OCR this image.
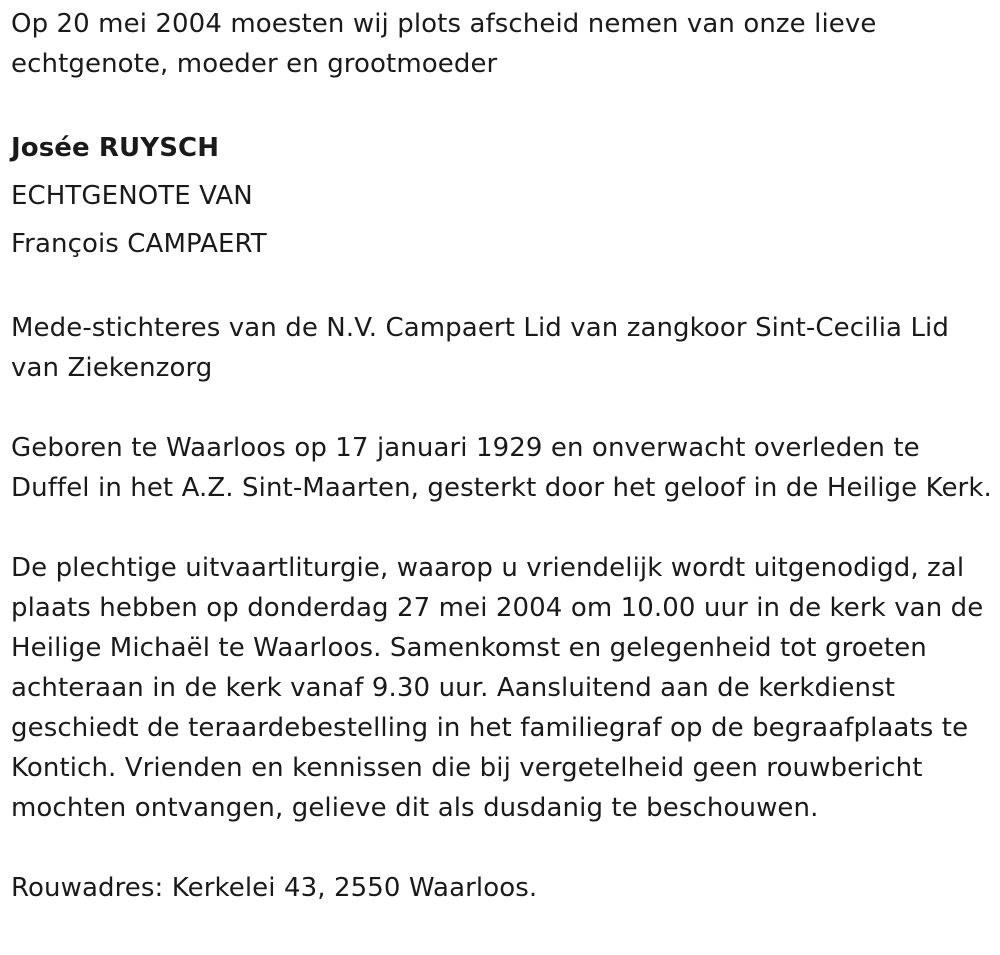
Op 20 mei 2004 moesten wij plots afscheid nemen van onze lieve echtgenote, moeder en grootmoeder

Josée RUYSCH

ECHTGENOTE VAN

François CAMPAERT

Mede-stichteres van de N.V. Campaert Lid van zangkoor Sint-Cecilia Lid van Ziekenzorg

Geboren te Waarloos op 17 januari 1929 en onverwacht overleden te Duffel in het A.Z. Sint-Maarten, gesterkt door het geloof in de Heilige Kerk.

De plechtige uitvaartliturgie, waarop u vriendelijk wordt uitgenodigd, zal plaats hebben op donderdag 27 mei 2004 om 10.00 uur in de kerk van de Heilige Michaël te Waarloos. Samenkomst en gelegenheid tot groeten achteraan in de kerk vanaf 9.30 uur. Aansluitend aan de kerkdienst geschiedt de teraardebestelling in het familiegraf op de begraafplaats te Kontich. Vrienden en kennissen die bij vergetelheid geen rouwbericht mochten ontvangen, gelieve dit als dusdanig te beschouwen.

Rouwadres: Kerkelei 43, 2550 Waarloos.
